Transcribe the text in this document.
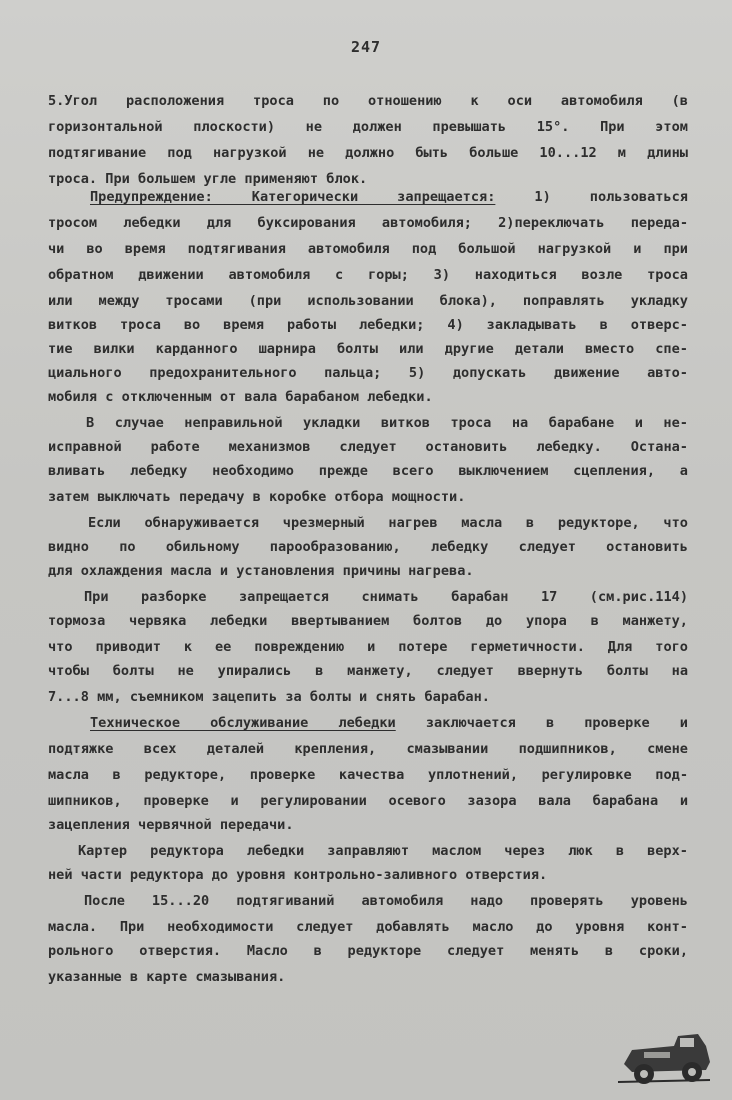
247
5.Угол расположения троса по отношению к оси автомобиля (в
горизонтальной плоскости) не должен превышать 15°. При этом
подтягивание под нагрузкой не должно быть больше 10...12 м длины
троса. При большем угле применяют блок.
Предупреждение: Категорически запрещается: 1) пользоваться
тросом лебедки для буксирования автомобиля; 2)переключать переда-
чи во время подтягивания автомобиля под большой нагрузкой и при
обратном движении автомобиля с горы; 3) находиться возле троса
или между тросами (при использовании блока), поправлять укладку
витков троса во время работы лебедки; 4) закладывать в отверс-
тие вилки карданного шарнира болты или другие детали вместо спе-
циального предохранительного пальца; 5) допускать движение авто-
мобиля с отключенным от вала барабаном лебедки.
В случае неправильной укладки витков троса на барабане и не-
исправной работе механизмов следует остановить лебедку. Остана-
вливать лебедку необходимо прежде всего выключением сцепления, а
затем выключать передачу в коробке отбора мощности.
Если обнаруживается чрезмерный нагрев масла в редукторе, что
видно по обильному парообразованию, лебедку следует остановить
для охлаждения масла и установления причины нагрева.
При разборке запрещается снимать барабан 17 (см.рис.114)
тормоза червяка лебедки ввертыванием болтов до упора в манжету,
что приводит к ее повреждению и потере герметичности. Для того
чтобы болты не упирались в манжету, следует ввернуть болты на
7...8 мм, съемником зацепить за болты и снять барабан.
Техническое обслуживание лебедки заключается в проверке и
подтяжке всех деталей крепления, смазывании подшипников, смене
масла в редукторе, проверке качества уплотнений, регулировке под-
шипников, проверке и регулировании осевого зазора вала барабана и
зацепления червячной передачи.
Картер редуктора лебедки заправляют маслом через люк в верх-
ней части редуктора до уровня контрольно-заливного отверстия.
После 15...20 подтягиваний автомобиля надо проверять уровень
масла. При необходимости следует добавлять масло до уровня конт-
рольного отверстия. Масло в редукторе следует менять в сроки,
указанные в карте смазывания.
